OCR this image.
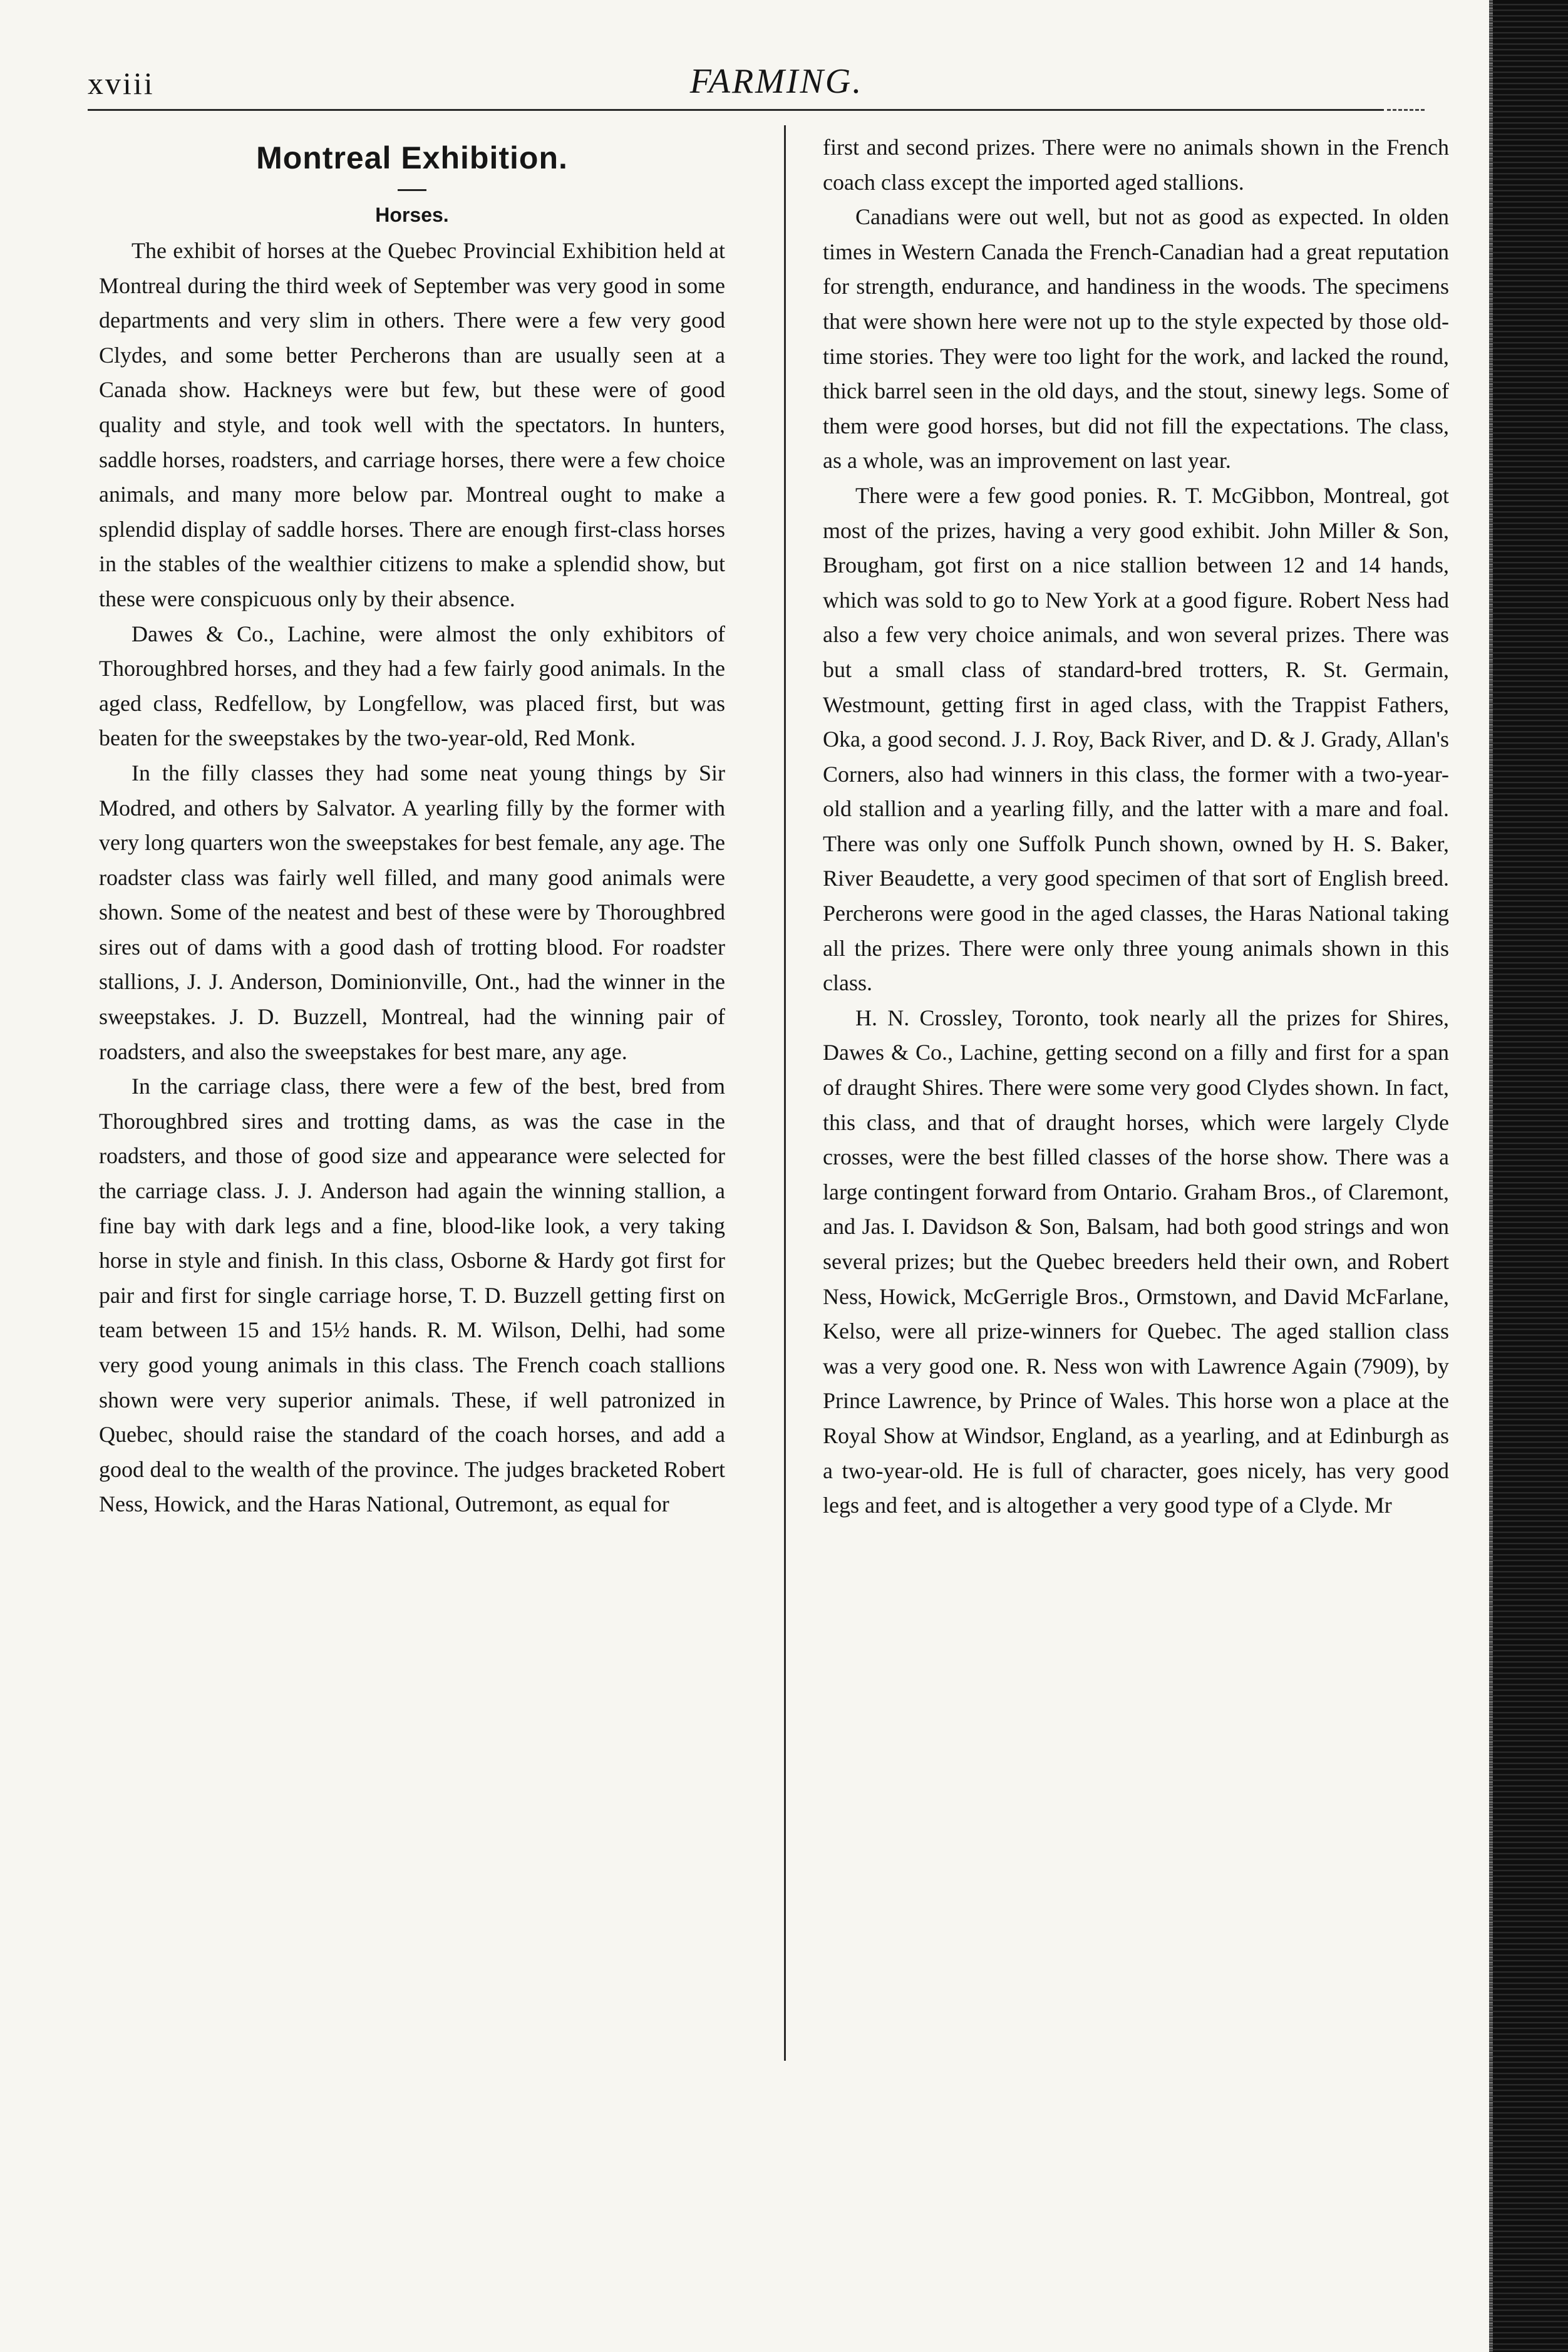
xviii	FARMING.
Montreal Exhibition.
Horses.

The exhibit of horses at the Quebec Provincial Exhibition held at Montreal during the third week of September was very good in some departments and very slim in others. There were a few very good Clydes, and some better Percherons than are usually seen at a Canada show. Hackneys were but few, but these were of good quality and style, and took well with the spectators. In hunters, saddle horses, roadsters, and carriage horses, there were a few choice animals, and many more below par. Montreal ought to make a splendid display of saddle horses. There are enough first-class horses in the stables of the wealthier citizens to make a splendid show, but these were conspicuous only by their absence.

Dawes & Co., Lachine, were almost the only exhibitors of Thoroughbred horses, and they had a few fairly good animals. In the aged class, Redfellow, by Longfellow, was placed first, but was beaten for the sweepstakes by the two-year-old, Red Monk.

In the filly classes they had some neat young things by Sir Modred, and others by Salvator. A yearling filly by the former with very long quarters won the sweepstakes for best female, any age. The roadster class was fairly well filled, and many good animals were shown. Some of the neatest and best of these were by Thoroughbred sires out of dams with a good dash of trotting blood. For roadster stallions, J. J. Anderson, Dominionville, Ont., had the winner in the sweepstakes. J. D. Buzzell, Montreal, had the winning pair of roadsters, and also the sweepstakes for best mare, any age.

In the carriage class, there were a few of the best, bred from Thoroughbred sires and trotting dams, as was the case in the roadsters, and those of good size and appearance were selected for the carriage class. J. J. Anderson had again the winning stallion, a fine bay with dark legs and a fine, blood-like look, a very taking horse in style and finish. In this class, Osborne & Hardy got first for pair and first for single carriage horse, T. D. Buzzell getting first on team between 15 and 15½ hands. R. M. Wilson, Delhi, had some very good young animals in this class. The French coach stallions shown were very superior animals. These, if well patronized in Quebec, should raise the standard of the coach horses, and add a good deal to the wealth of the province. The judges bracketed Robert Ness, Howick, and the Haras National, Outremont, as equal for

first and second prizes. There were no animals shown in the French coach class except the imported aged stallions.

Canadians were out well, but not as good as expected. In olden times in Western Canada the French-Canadian had a great reputation for strength, endurance, and handiness in the woods. The specimens that were shown here were not up to the style expected by those old-time stories. They were too light for the work, and lacked the round, thick barrel seen in the old days, and the stout, sinewy legs. Some of them were good horses, but did not fill the expectations. The class, as a whole, was an improvement on last year.

There were a few good ponies. R. T. McGibbon, Montreal, got most of the prizes, having a very good exhibit. John Miller & Son, Brougham, got first on a nice stallion between 12 and 14 hands, which was sold to go to New York at a good figure. Robert Ness had also a few very choice animals, and won several prizes. There was but a small class of standard-bred trotters, R. St. Germain, Westmount, getting first in aged class, with the Trappist Fathers, Oka, a good second. J. J. Roy, Back River, and D. & J. Grady, Allan's Corners, also had winners in this class, the former with a two-year-old stallion and a yearling filly, and the latter with a mare and foal. There was only one Suffolk Punch shown, owned by H. S. Baker, River Beaudette, a very good specimen of that sort of English breed. Percherons were good in the aged classes, the Haras National taking all the prizes. There were only three young animals shown in this class.

H. N. Crossley, Toronto, took nearly all the prizes for Shires, Dawes & Co., Lachine, getting second on a filly and first for a span of draught Shires. There were some very good Clydes shown. In fact, this class, and that of draught horses, which were largely Clyde crosses, were the best filled classes of the horse show. There was a large contingent forward from Ontario. Graham Bros., of Claremont, and Jas. I. Davidson & Son, Balsam, had both good strings and won several prizes; but the Quebec breeders held their own, and Robert Ness, Howick, McGerrigle Bros., Ormstown, and David McFarlane, Kelso, were all prize-winners for Quebec. The aged stallion class was a very good one. R. Ness won with Lawrence Again (7909), by Prince Lawrence, by Prince of Wales. This horse won a place at the Royal Show at Windsor, England, as a yearling, and at Edinburgh as a two-year-old. He is full of character, goes nicely, has very good legs and feet, and is altogether a very good type of a Clyde. Mr
